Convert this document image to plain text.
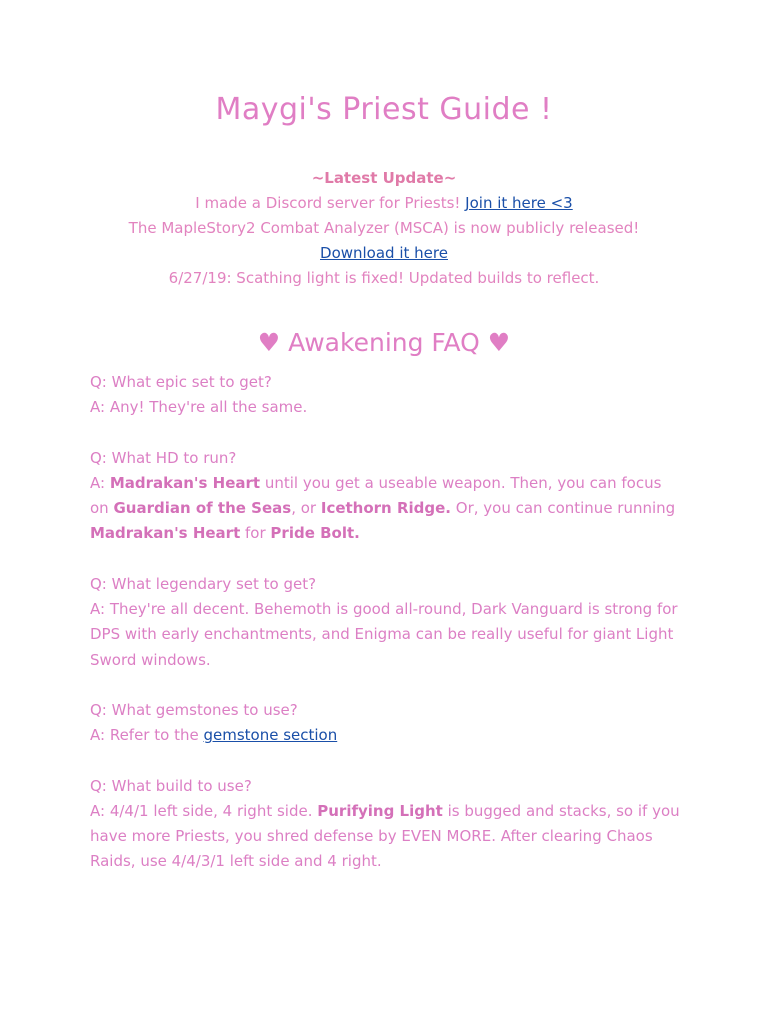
Maygi's Priest Guide !
~Latest Update~
I made a Discord server for Priests! Join it here <3
The MapleStory2 Combat Analyzer (MSCA) is now publicly released!
Download it here
6/27/19: Scathing light is fixed! Updated builds to reflect.
♥ Awakening FAQ ♥

Q: What epic set to get?

A: Any! They're all the same.

Q: What HD to run?

A: Madrakan's Heart until you get a useable weapon. Then, you can focus on Guardian of the Seas, or Icethorn Ridge. Or, you can continue running Madrakan's Heart for Pride Bolt.

Q: What legendary set to get?

A: They're all decent. Behemoth is good all-round, Dark Vanguard is strong for DPS with early enchantments, and Enigma can be really useful for giant Light Sword windows.

Q: What gemstones to use?

A: Refer to the gemstone section

Q: What build to use?

A: 4/4/1 left side, 4 right side. Purifying Light is bugged and stacks, so if you have more Priests, you shred defense by EVEN MORE. After clearing Chaos Raids, use 4/4/3/1 left side and 4 right.
